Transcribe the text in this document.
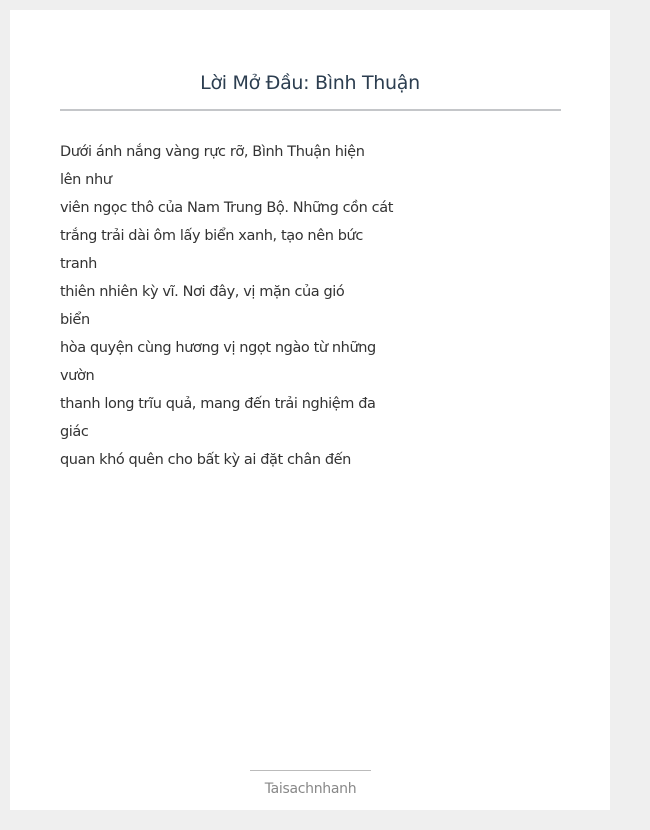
Lời Mở Đầu: Bình Thuận
Dưới ánh nắng vàng rực rỡ, Bình Thuận hiện
lên như
viên ngọc thô của Nam Trung Bộ. Những cồn cát
trắng trải dài ôm lấy biển xanh, tạo nên bức
tranh
thiên nhiên kỳ vĩ. Nơi đây, vị mặn của gió
biển
hòa quyện cùng hương vị ngọt ngào từ những
vườn
thanh long trĩu quả, mang đến trải nghiệm đa
giác
quan khó quên cho bất kỳ ai đặt chân đến
Taisachnhanh
